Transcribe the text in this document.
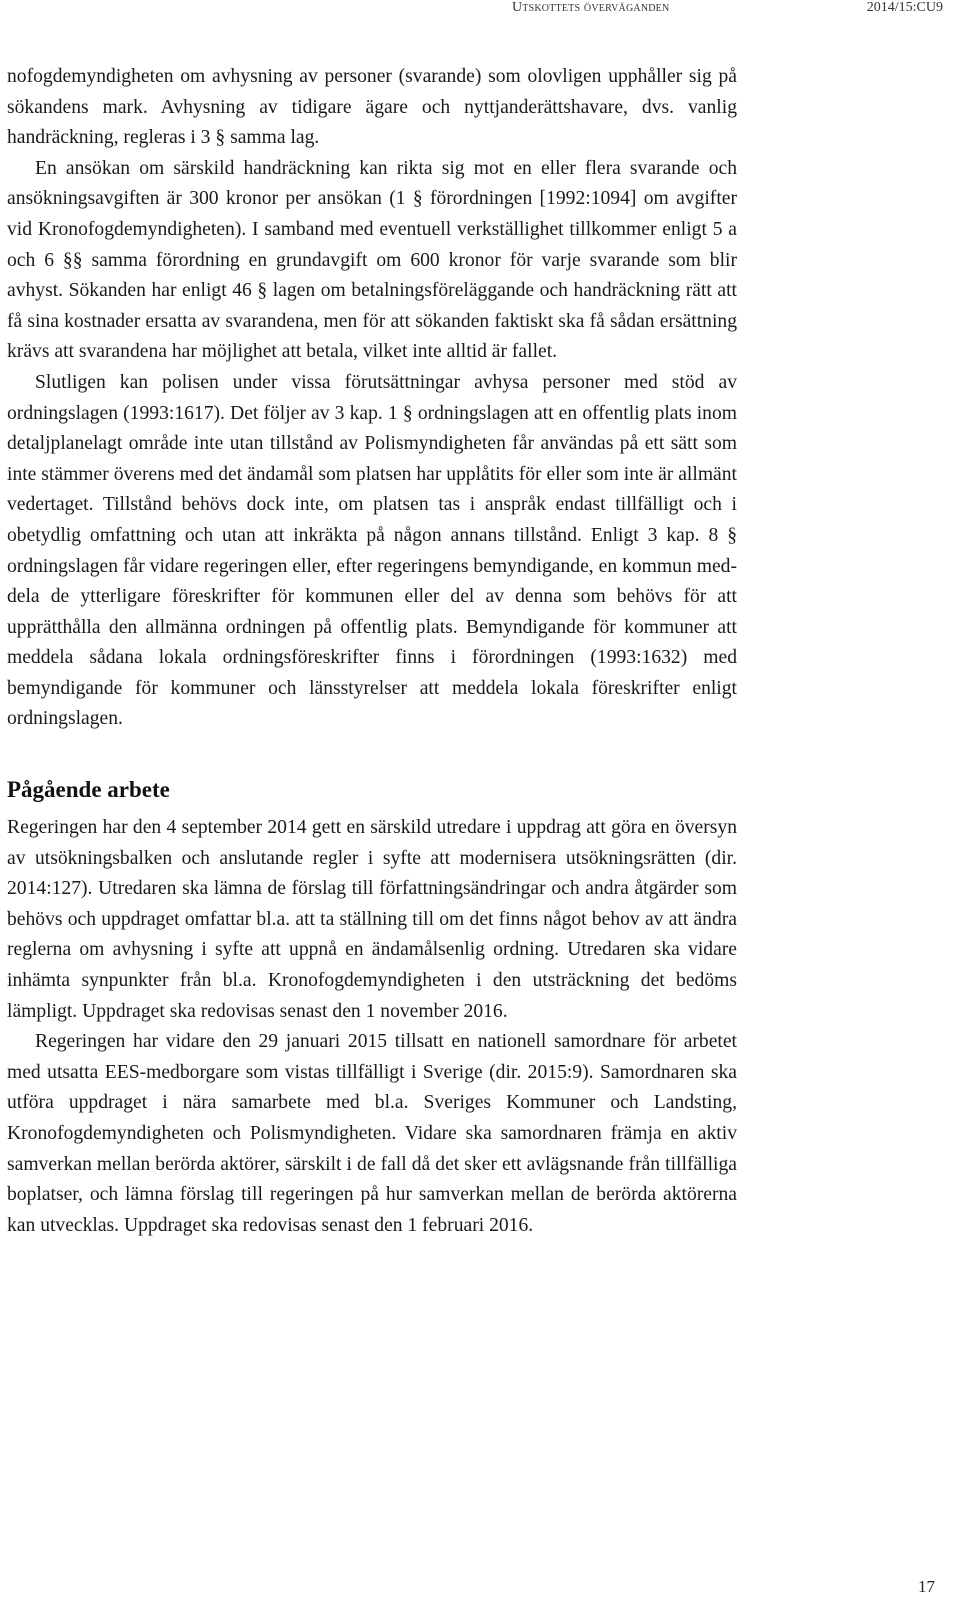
Utskottets överväganden	2014/15:CU9

nofogdemyndigheten om avhysning av personer (svarande) som olovligen upphåller sig på sökandens mark. Avhysning av tidigare ägare och nyttjanderättshavare, dvs. vanlig handräckning, regleras i 3 § samma lag.

En ansökan om särskild handräckning kan rikta sig mot en eller flera svarande och ansökningsavgiften är 300 kronor per ansökan (1 § förordningen [1992:1094] om avgifter vid Kronofogdemyndigheten). I samband med eventuell verkställighet tillkommer enligt 5 a och 6 §§ samma förordning en grundavgift om 600 kronor för varje svarande som blir avhyst. Sökanden har enligt 46 § lagen om betalningsföreläggande och handräckning rätt att få sina kostnader ersatta av svarandena, men för att sökanden faktiskt ska få sådan ersättning krävs att svarandena har möjlighet att betala, vilket inte alltid är fallet.

Slutligen kan polisen under vissa förutsättningar avhysa personer med stöd av ordningslagen (1993:1617). Det följer av 3 kap. 1 § ordningslagen att en offentlig plats inom detaljplanelagt område inte utan tillstånd av Polismyndigheten får användas på ett sätt som inte stämmer överens med det ändamål som platsen har upplåtits för eller som inte är allmänt vedertaget. Tillstånd behövs dock inte, om platsen tas i anspråk endast tillfälligt och i obetydlig omfattning och utan att inkräkta på någon annans tillstånd. Enligt 3 kap. 8 § ordningslagen får vidare regeringen eller, efter regeringens bemyndigande, en kommun meddela de ytterligare föreskrifter för kommunen eller del av denna som behövs för att upprätthålla den allmänna ordningen på offentlig plats. Bemyndigande för kommuner att meddela sådana lokala ordningsföreskrifter finns i förordningen (1993:1632) med bemyndigande för kommuner och länsstyrelser att meddela lokala föreskrifter enligt ordningslagen.

Pågående arbete

Regeringen har den 4 september 2014 gett en särskild utredare i uppdrag att göra en översyn av utsökningsbalken och anslutande regler i syfte att modernisera utsökningsrätten (dir. 2014:127). Utredaren ska lämna de förslag till författningsändringar och andra åtgärder som behövs och uppdraget omfattar bl.a. att ta ställning till om det finns något behov av att ändra reglerna om avhysning i syfte att uppnå en ändamålsenlig ordning. Utredaren ska vidare inhämta synpunkter från bl.a. Kronofogdemyndigheten i den utsträckning det bedöms lämpligt. Uppdraget ska redovisas senast den 1 november 2016.

Regeringen har vidare den 29 januari 2015 tillsatt en nationell samordnare för arbetet med utsatta EES-medborgare som vistas tillfälligt i Sverige (dir. 2015:9). Samordnaren ska utföra uppdraget i nära samarbete med bl.a. Sveriges Kommuner och Landsting, Kronofogdemyndigheten och Polismyndigheten. Vidare ska samordnaren främja en aktiv samverkan mellan berörda aktörer, särskilt i de fall då det sker ett avlägsnande från tillfälliga boplatser, och lämna förslag till regeringen på hur samverkan mellan de berörda aktörerna kan utvecklas. Uppdraget ska redovisas senast den 1 februari 2016.

17
